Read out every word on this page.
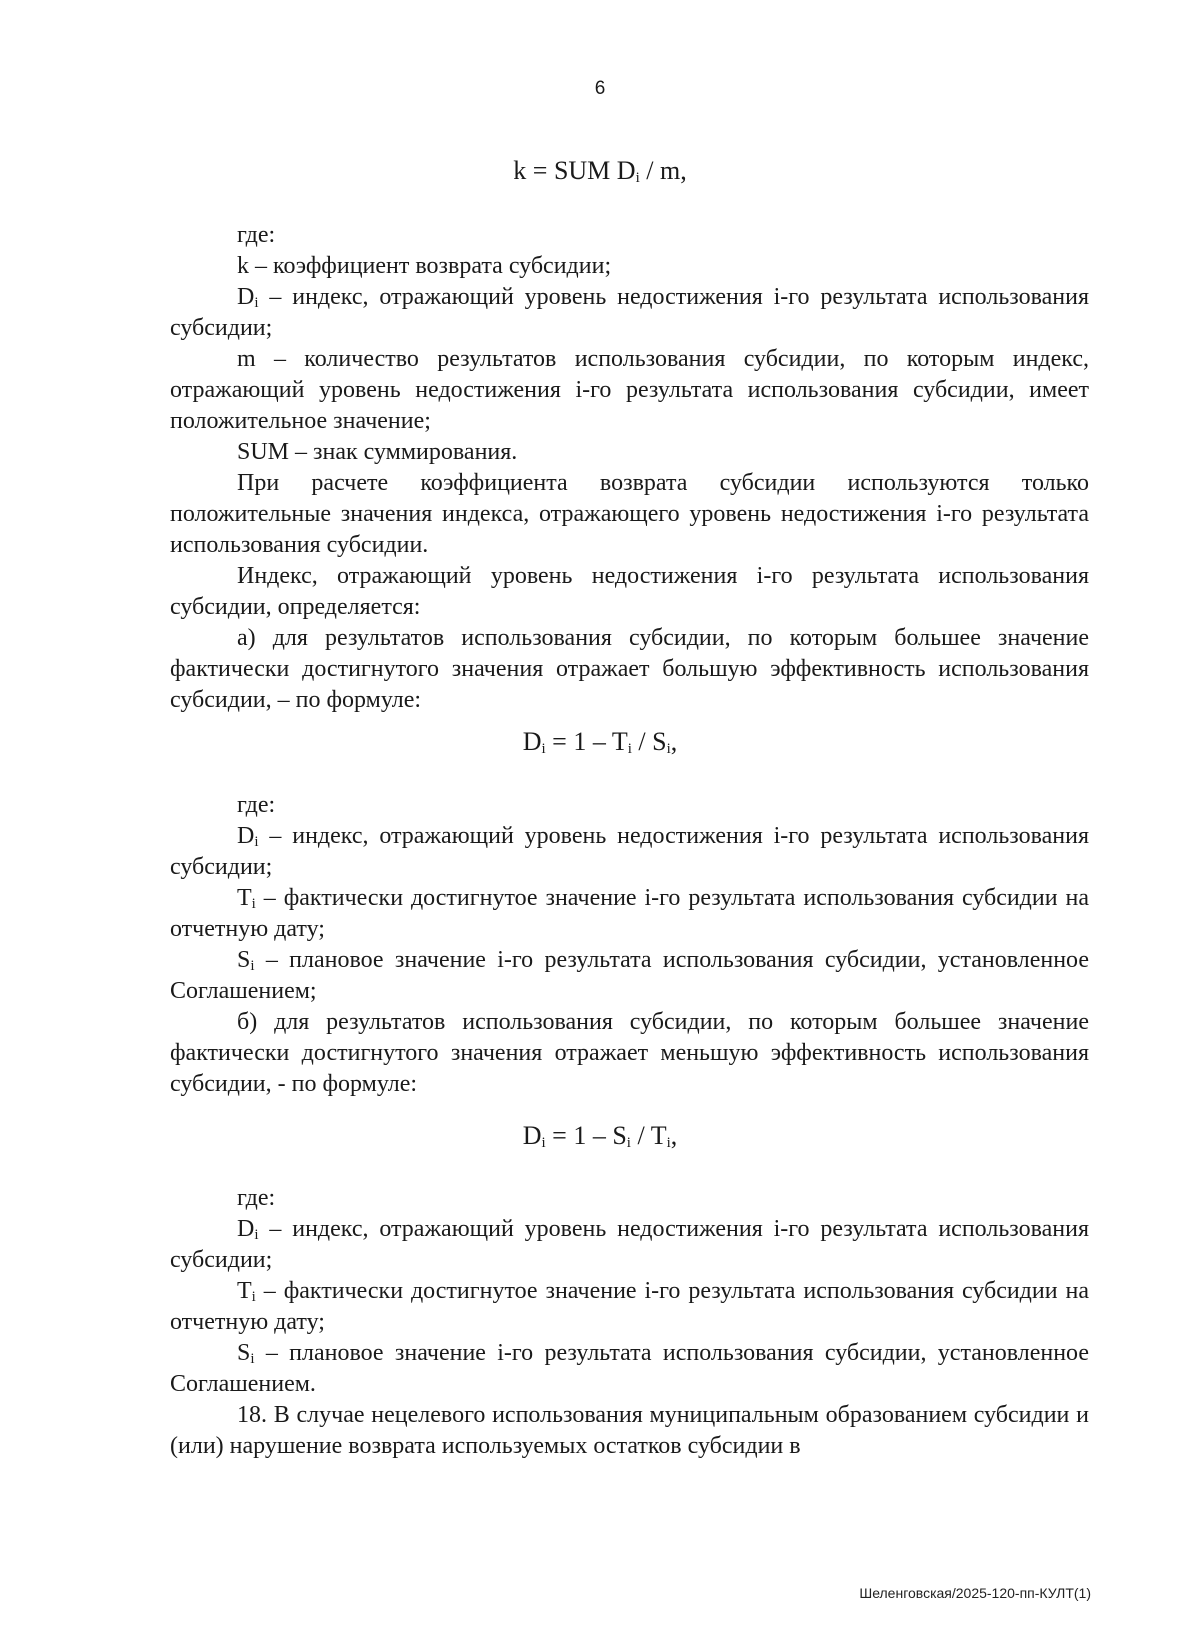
6
k = SUM $D_i$ / m,

где:

k – коэффициент возврата субсидии;

$D_i$ – индекс, отражающий уровень недостижения i-го результата использования субсидии;

m – количество результатов использования субсидии, по которым индекс, отражающий уровень недостижения i-го результата использования субсидии, имеет положительное значение;

SUM – знак суммирования.

При расчете коэффициента возврата субсидии используются только положительные значения индекса, отражающего уровень недостижения i-го результата использования субсидии.

Индекс, отражающий уровень недостижения i-го результата использования субсидии, определяется:

а) для результатов использования субсидии, по которым большее значение фактически достигнутого значения отражает большую эффективность использования субсидии, – по формуле:

$D_i = 1 - T_i / S_i$,

где:

$D_i$ – индекс, отражающий уровень недостижения i-го результата использования субсидии;

$T_i$ – фактически достигнутое значение i-го результата использования субсидии на отчетную дату;

$S_i$ – плановое значение i-го результата использования субсидии, установленное Соглашением;

б) для результатов использования субсидии, по которым большее значение фактически достигнутого значения отражает меньшую эффективность использования субсидии, - по формуле:

$D_i = 1 - S_i / T_i$,

где:

$D_i$ – индекс, отражающий уровень недостижения i-го результата использования субсидии;

$T_i$ – фактически достигнутое значение i-го результата использования субсидии на отчетную дату;

$S_i$ – плановое значение i-го результата использования субсидии, установленное Соглашением.

18. В случае нецелевого использования муниципальным образованием субсидии и (или) нарушение возврата используемых остатков субсидии в

Шеленговская/2025-120-пп-КУЛТ(1)
